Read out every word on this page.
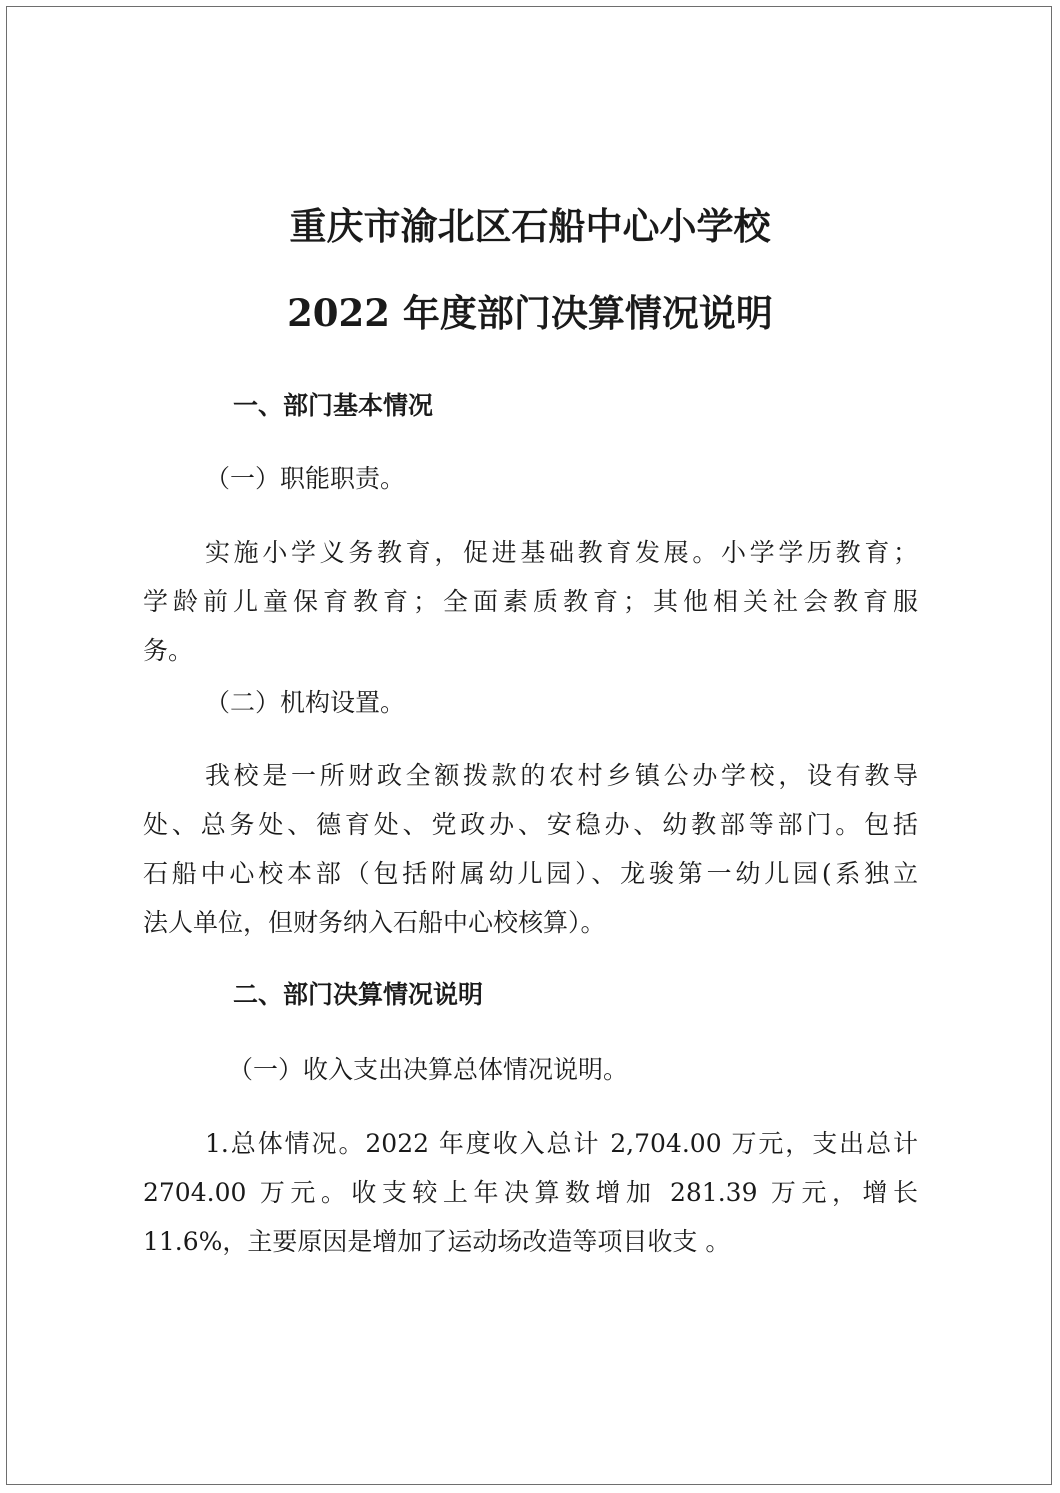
重庆市渝北区石船中心小学校
2022 年度部门决算情况说明
一、部门基本情况
（一）职能职责。
实施小学义务教育，促进基础教育发展。小学学历教育；
学龄前儿童保育教育；全面素质教育；其他相关社会教育服
务。
（二）机构设置。
我校是一所财政全额拨款的农村乡镇公办学校，设有教导
处、总务处、德育处、党政办、安稳办、幼教部等部门。包括
石船中心校本部（包括附属幼儿园）、龙骏第一幼儿园(系独立
法人单位，但财务纳入石船中心校核算）。
二、部门决算情况说明
（一）收入支出决算总体情况说明。
1.总体情况。2022 年度收入总计 2,704.00 万元，支出总计
2704.00 万元。收支较上年决算数增加 281.39 万元，增长
11.6%，主要原因是增加了运动场改造等项目收支 。
